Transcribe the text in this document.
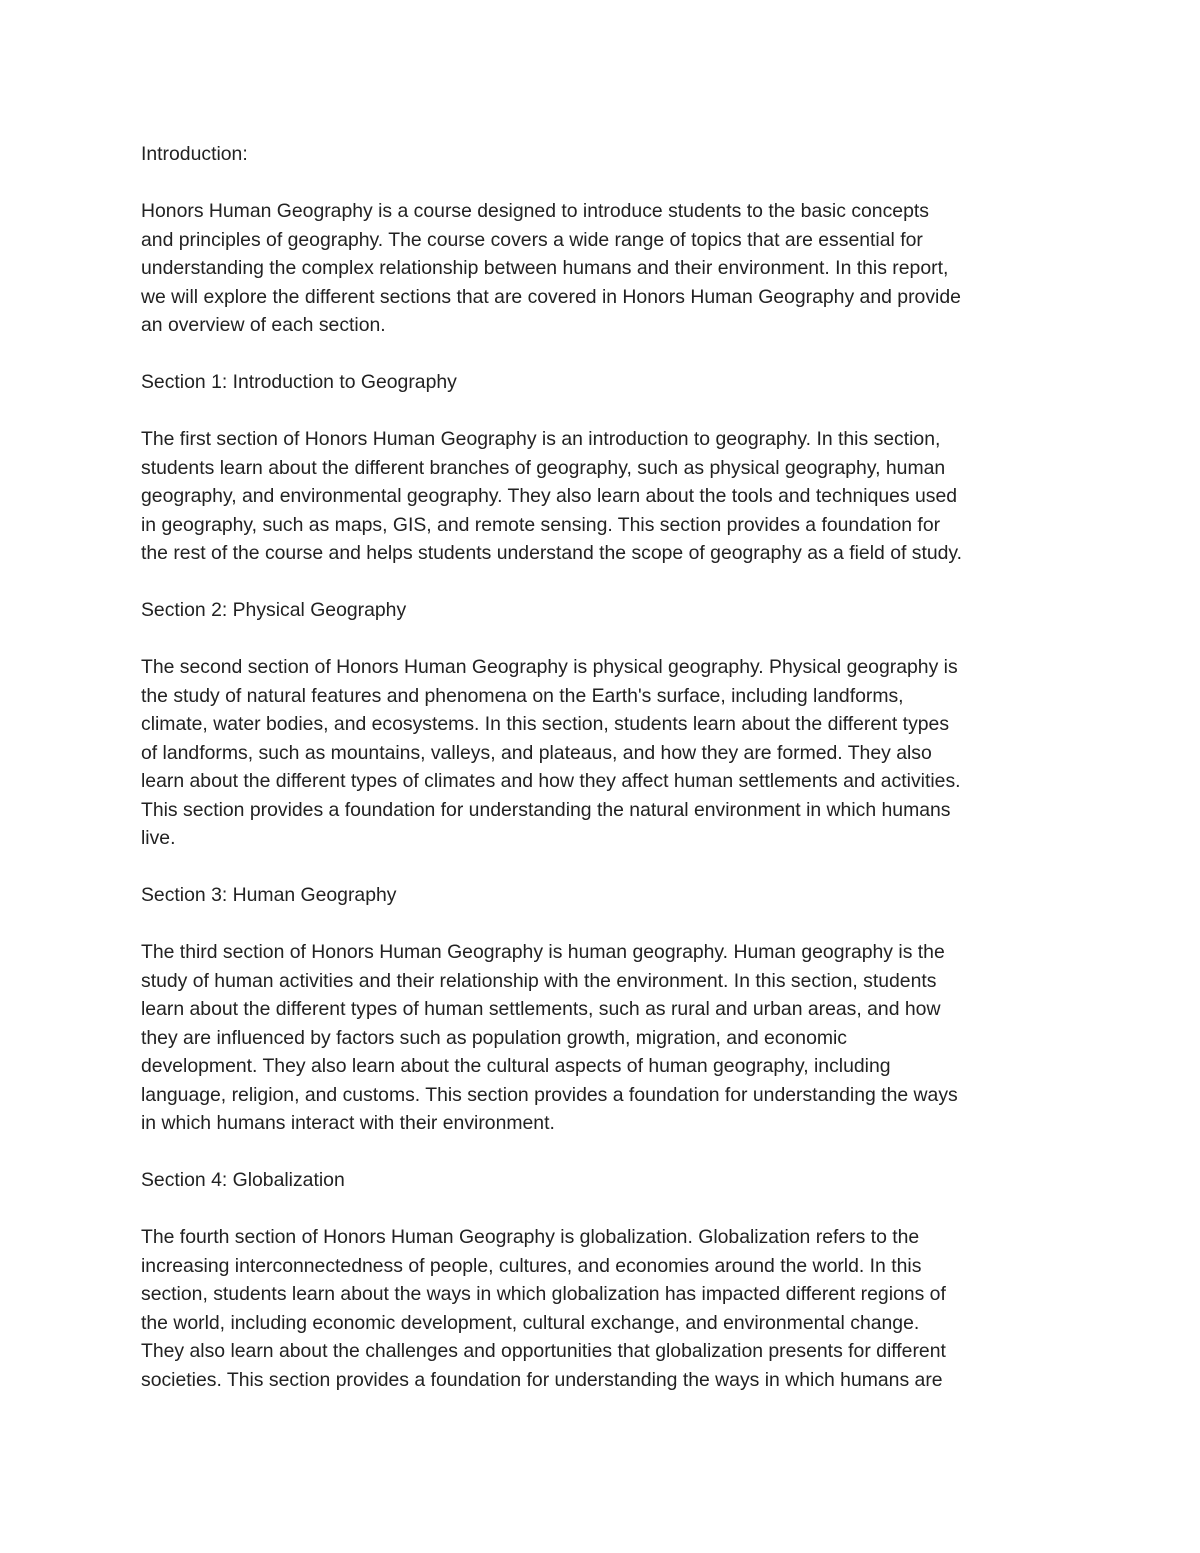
Introduction:

Honors Human Geography is a course designed to introduce students to the basic concepts
and principles of geography. The course covers a wide range of topics that are essential for
understanding the complex relationship between humans and their environment. In this report,
we will explore the different sections that are covered in Honors Human Geography and provide
an overview of each section.

Section 1: Introduction to Geography

The first section of Honors Human Geography is an introduction to geography. In this section,
students learn about the different branches of geography, such as physical geography, human
geography, and environmental geography. They also learn about the tools and techniques used
in geography, such as maps, GIS, and remote sensing. This section provides a foundation for
the rest of the course and helps students understand the scope of geography as a field of study.

Section 2: Physical Geography

The second section of Honors Human Geography is physical geography. Physical geography is
the study of natural features and phenomena on the Earth's surface, including landforms,
climate, water bodies, and ecosystems. In this section, students learn about the different types
of landforms, such as mountains, valleys, and plateaus, and how they are formed. They also
learn about the different types of climates and how they affect human settlements and activities.
This section provides a foundation for understanding the natural environment in which humans
live.

Section 3: Human Geography

The third section of Honors Human Geography is human geography. Human geography is the
study of human activities and their relationship with the environment. In this section, students
learn about the different types of human settlements, such as rural and urban areas, and how
they are influenced by factors such as population growth, migration, and economic
development. They also learn about the cultural aspects of human geography, including
language, religion, and customs. This section provides a foundation for understanding the ways
in which humans interact with their environment.

Section 4: Globalization

The fourth section of Honors Human Geography is globalization. Globalization refers to the
increasing interconnectedness of people, cultures, and economies around the world. In this
section, students learn about the ways in which globalization has impacted different regions of
the world, including economic development, cultural exchange, and environmental change.
They also learn about the challenges and opportunities that globalization presents for different
societies. This section provides a foundation for understanding the ways in which humans are
